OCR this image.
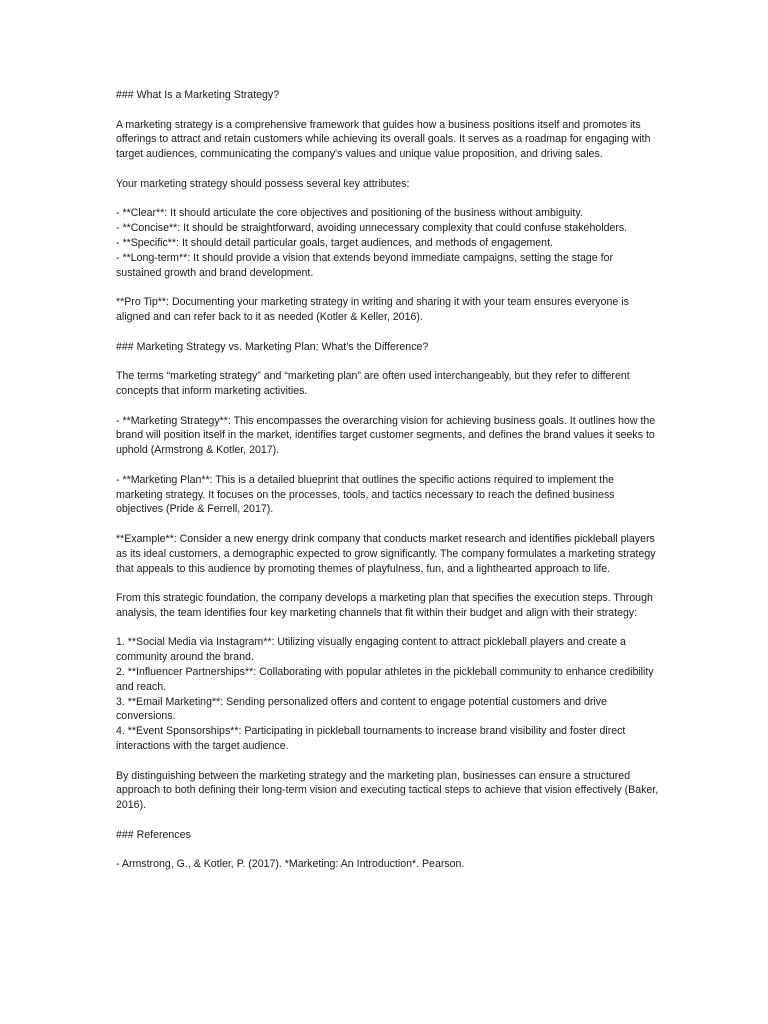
### What Is a Marketing Strategy?

A marketing strategy is a comprehensive framework that guides how a business positions itself and promotes its offerings to attract and retain customers while achieving its overall goals. It serves as a roadmap for engaging with target audiences, communicating the company's values and unique value proposition, and driving sales.

Your marketing strategy should possess several key attributes:

- **Clear**: It should articulate the core objectives and positioning of the business without ambiguity.

- **Concise**: It should be straightforward, avoiding unnecessary complexity that could confuse stakeholders.

- **Specific**: It should detail particular goals, target audiences, and methods of engagement.

- **Long-term**: It should provide a vision that extends beyond immediate campaigns, setting the stage for sustained growth and brand development.

**Pro Tip**: Documenting your marketing strategy in writing and sharing it with your team ensures everyone is aligned and can refer back to it as needed (Kotler & Keller, 2016).

### Marketing Strategy vs. Marketing Plan: What’s the Difference?

The terms “marketing strategy” and “marketing plan” are often used interchangeably, but they refer to different concepts that inform marketing activities.

- **Marketing Strategy**: This encompasses the overarching vision for achieving business goals. It outlines how the brand will position itself in the market, identifies target customer segments, and defines the brand values it seeks to uphold (Armstrong & Kotler, 2017).

- **Marketing Plan**: This is a detailed blueprint that outlines the specific actions required to implement the marketing strategy. It focuses on the processes, tools, and tactics necessary to reach the defined business objectives (Pride & Ferrell, 2017).

**Example**: Consider a new energy drink company that conducts market research and identifies pickleball players as its ideal customers, a demographic expected to grow significantly. The company formulates a marketing strategy that appeals to this audience by promoting themes of playfulness, fun, and a lighthearted approach to life.

From this strategic foundation, the company develops a marketing plan that specifies the execution steps. Through analysis, the team identifies four key marketing channels that fit within their budget and align with their strategy:

1. **Social Media via Instagram**: Utilizing visually engaging content to attract pickleball players and create a community around the brand.

2. **Influencer Partnerships**: Collaborating with popular athletes in the pickleball community to enhance credibility and reach.

3. **Email Marketing**: Sending personalized offers and content to engage potential customers and drive conversions.

4. **Event Sponsorships**: Participating in pickleball tournaments to increase brand visibility and foster direct interactions with the target audience.

By distinguishing between the marketing strategy and the marketing plan, businesses can ensure a structured approach to both defining their long-term vision and executing tactical steps to achieve that vision effectively (Baker, 2016).

### References

- Armstrong, G., & Kotler, P. (2017). *Marketing: An Introduction*. Pearson.
